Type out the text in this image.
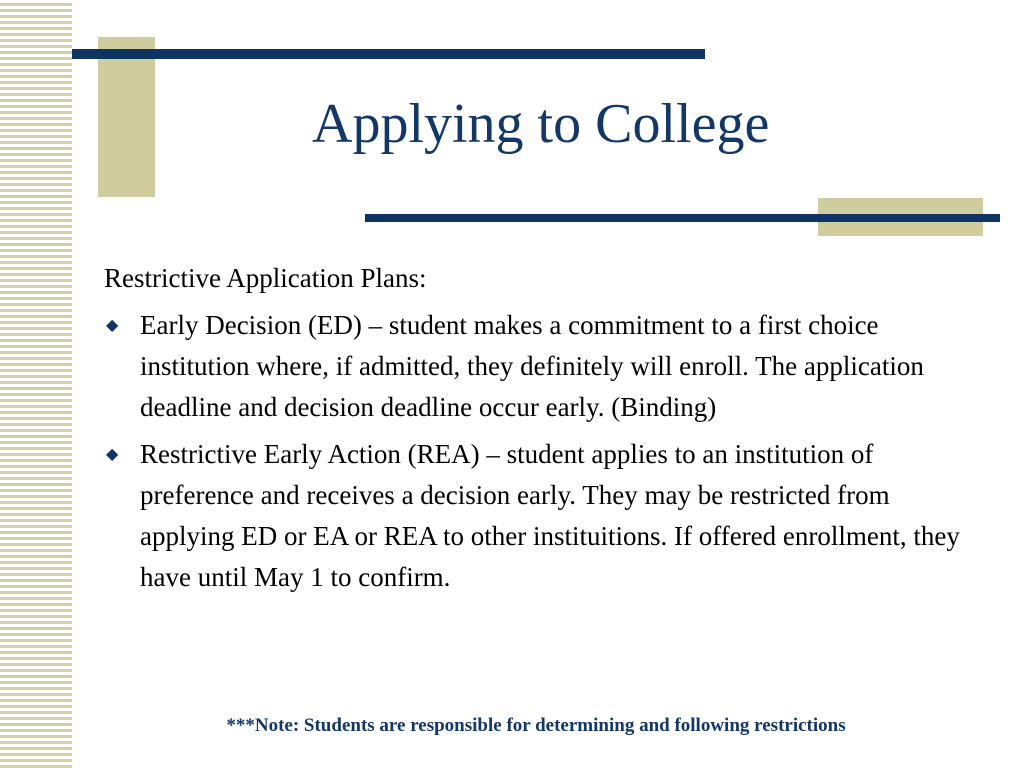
Applying to College
Restrictive Application Plans:
◆ Early Decision (ED) – student makes a commitment to a first choice institution where, if admitted, they definitely will enroll. The application deadline and decision deadline occur early. (Binding)
◆ Restrictive Early Action (REA) – student applies to an institution of preference and receives a decision early. They may be restricted from applying ED or EA or REA to other instituitions. If offered enrollment, they have until May 1 to confirm.
***Note: Students are responsible for determining and following restrictions
